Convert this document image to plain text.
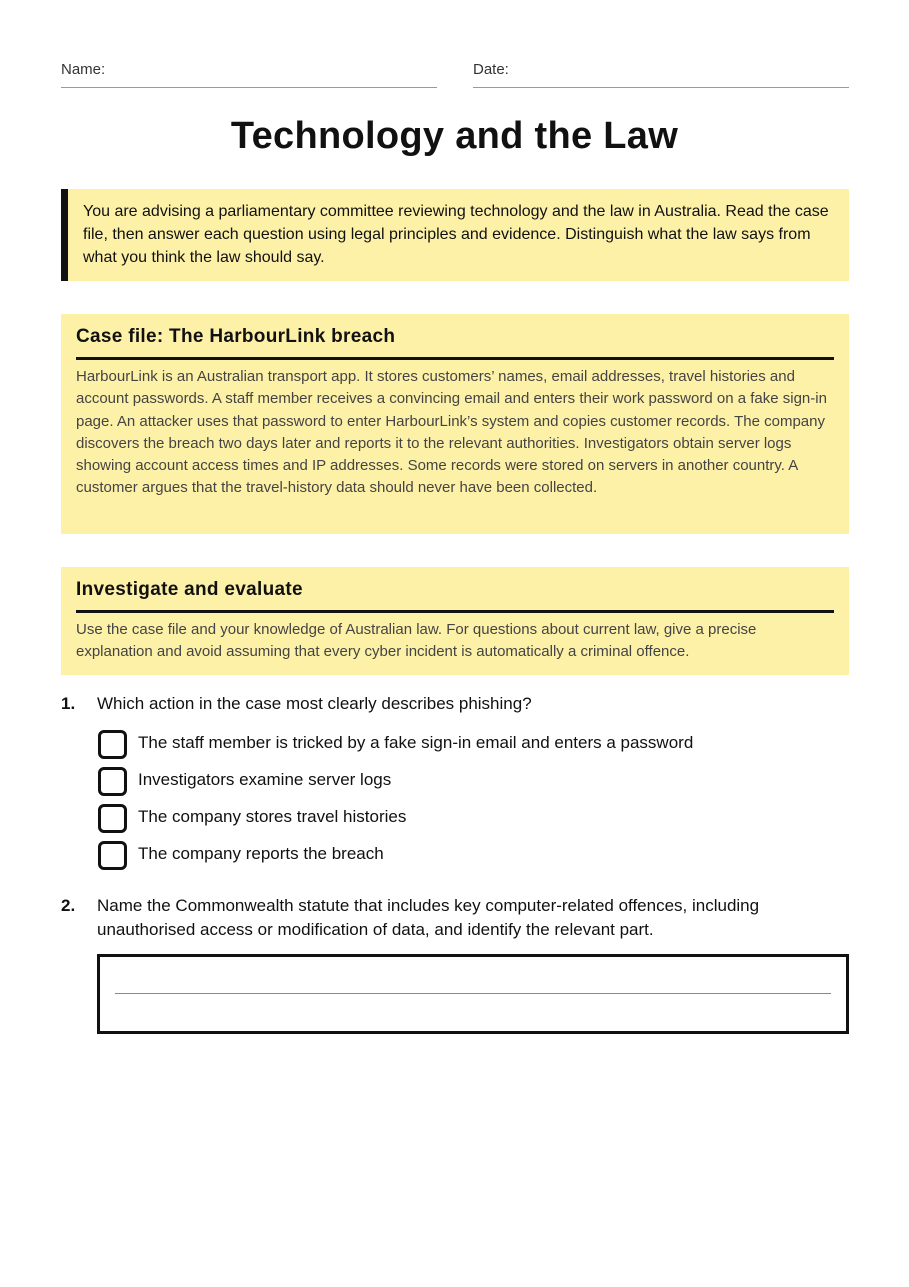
Name:	Date:
Technology and the Law

You are advising a parliamentary committee reviewing technology and the law in Australia. Read the case file, then answer each question using legal principles and evidence. Distinguish what the law says from what you think the law should say.

Case file: The HarbourLink breach

HarbourLink is an Australian transport app. It stores customers’ names, email addresses, travel histories and account passwords. A staff member receives a convincing email and enters their work password on a fake sign-in page. An attacker uses that password to enter HarbourLink’s system and copies customer records. The company discovers the breach two days later and reports it to the relevant authorities. Investigators obtain server logs showing account access times and IP addresses. Some records were stored on servers in another country. A customer argues that the travel-history data should never have been collected.

Investigate and evaluate

Use the case file and your knowledge of Australian law. For questions about current law, give a precise explanation and avoid assuming that every cyber incident is automatically a criminal offence.

1. Which action in the case most clearly describes phishing?
The staff member is tricked by a fake sign-in email and enters a password
Investigators examine server logs
The company stores travel histories
The company reports the breach
2. Name the Commonwealth statute that includes key computer-related offences, including unauthorised access or modification of data, and identify the relevant part.
